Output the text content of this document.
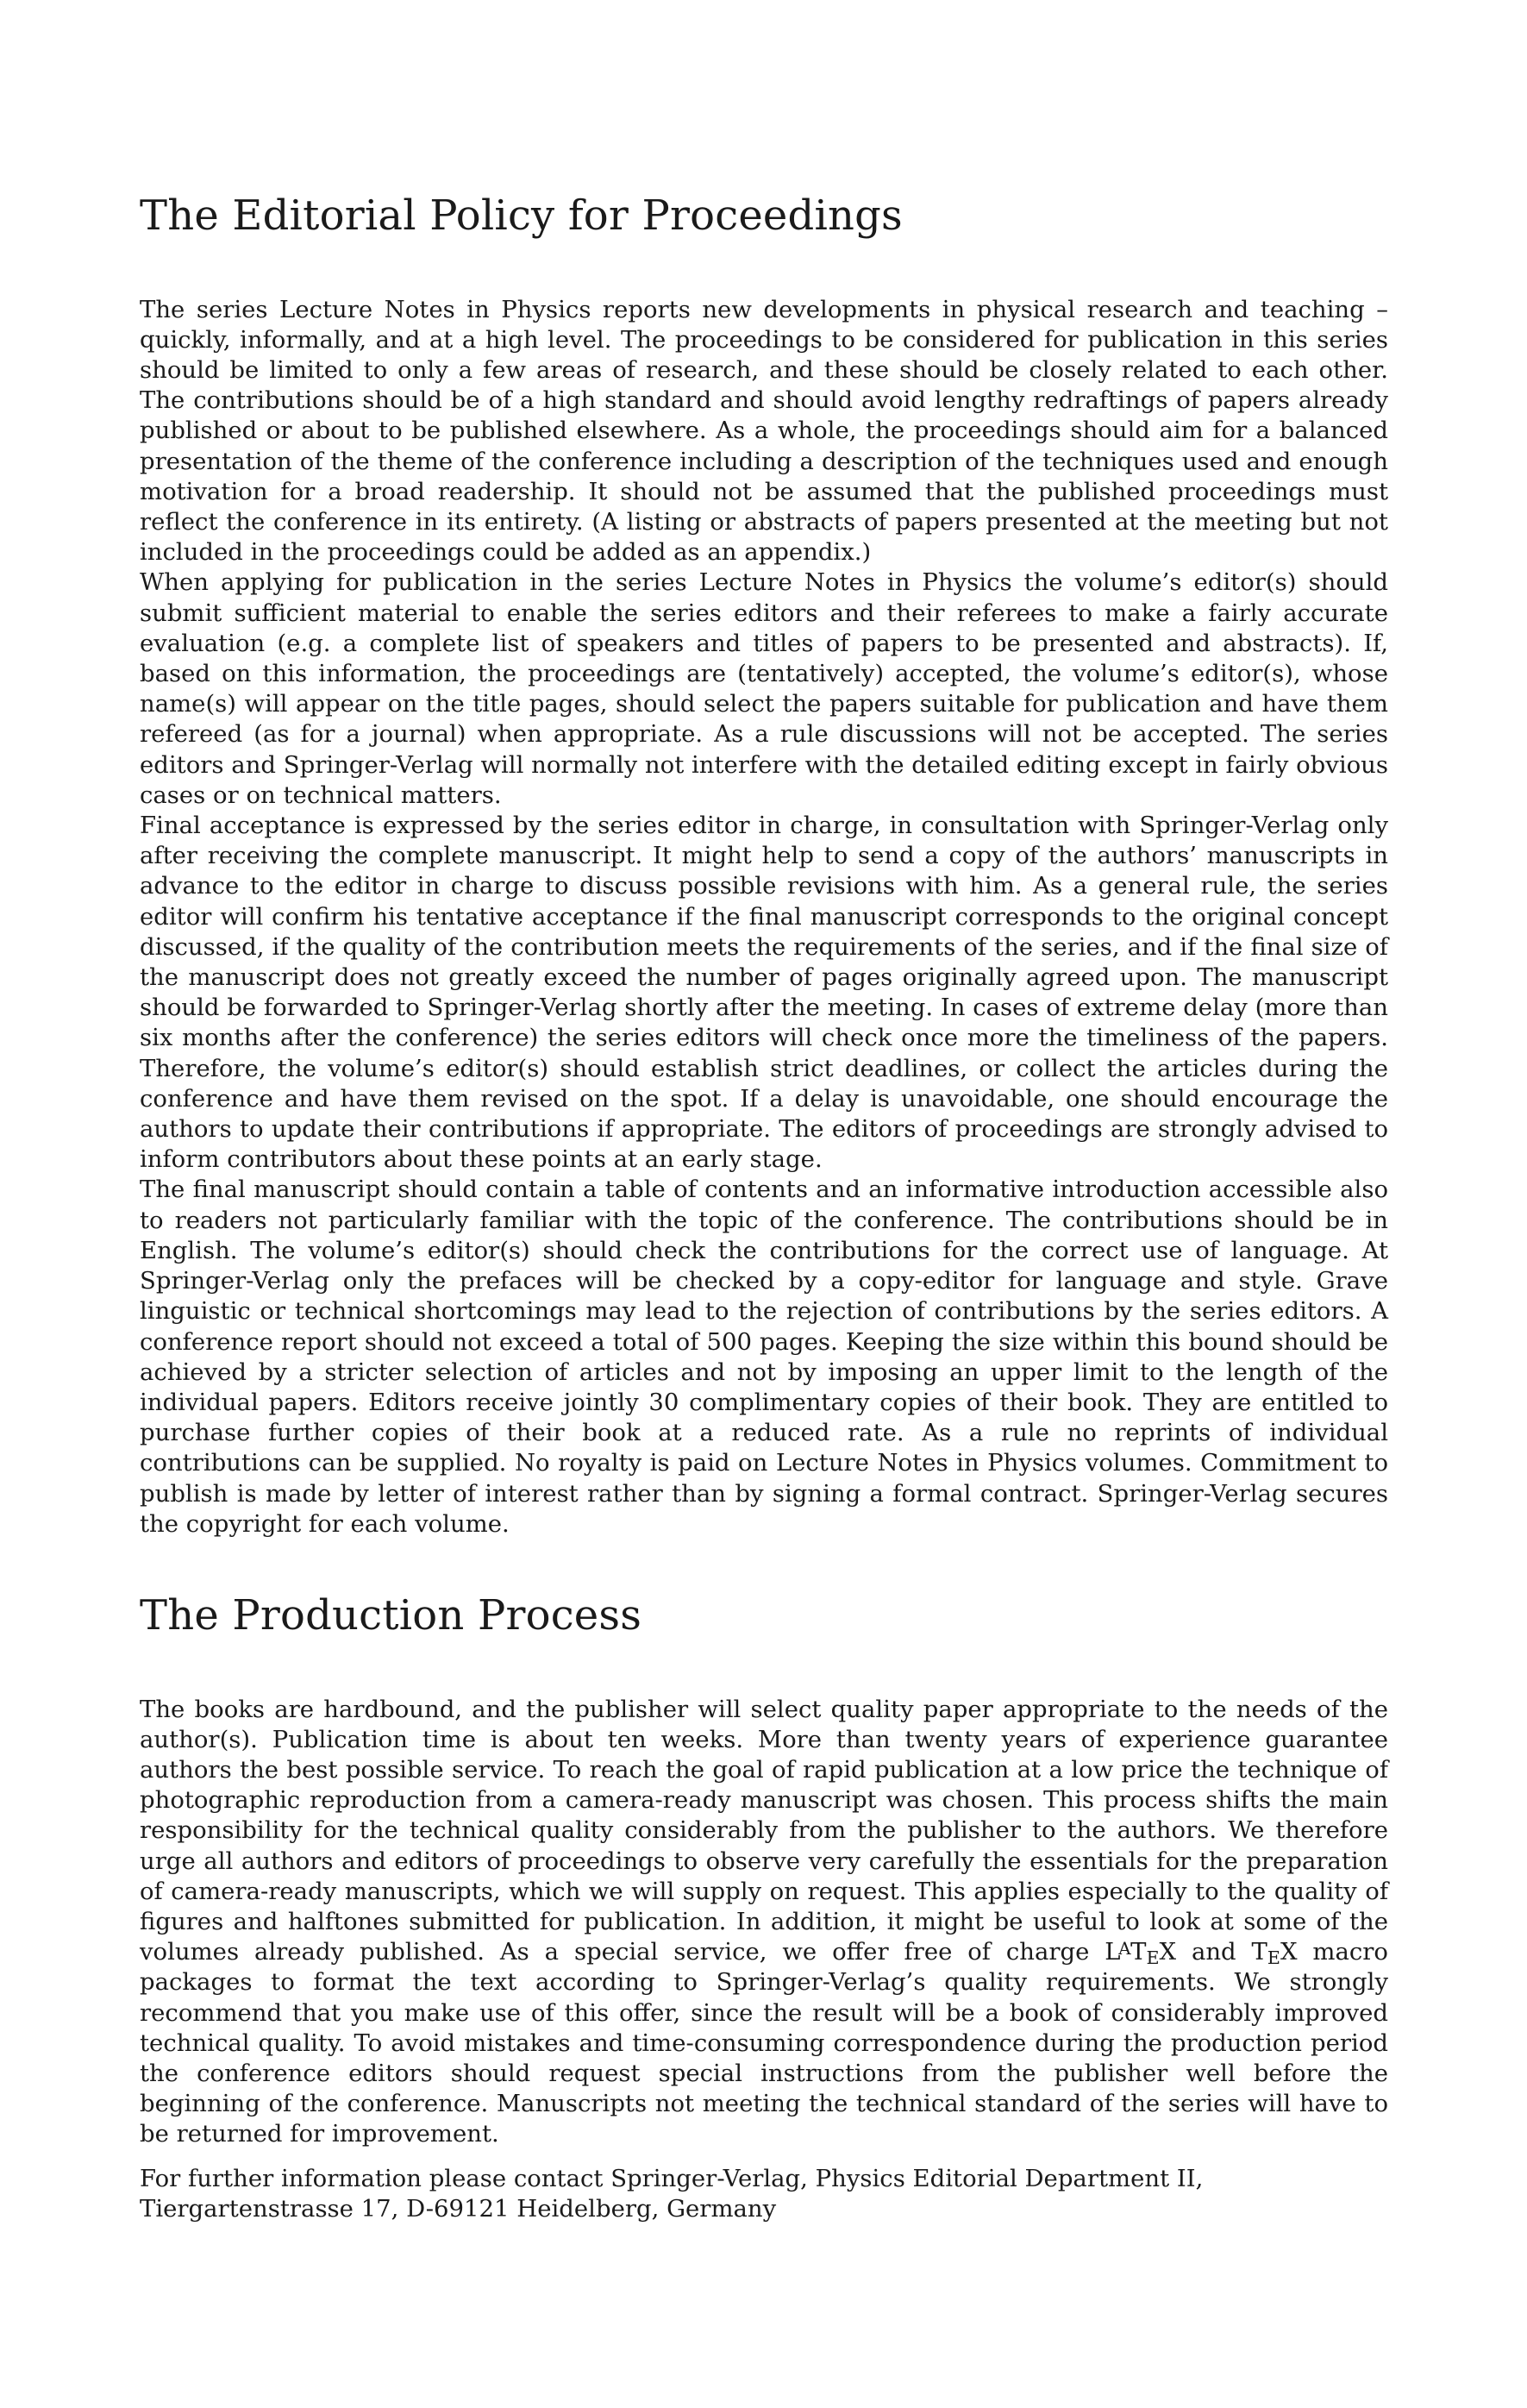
The Editorial Policy for Proceedings

The series Lecture Notes in Physics reports new developments in physical research and teaching – quickly, informally, and at a high level. The proceedings to be considered for publication in this series should be limited to only a few areas of research, and these should be closely related to each other. The contributions should be of a high standard and should avoid lengthy redraftings of papers already published or about to be published elsewhere. As a whole, the proceedings should aim for a balanced presentation of the theme of the conference including a description of the techniques used and enough motivation for a broad readership. It should not be assumed that the published proceedings must reflect the conference in its entirety. (A listing or abstracts of papers presented at the meeting but not included in the proceedings could be added as an appendix.)

When applying for publication in the series Lecture Notes in Physics the volume’s editor(s) should submit sufficient material to enable the series editors and their referees to make a fairly accurate evaluation (e.g. a complete list of speakers and titles of papers to be presented and abstracts). If, based on this information, the proceedings are (tentatively) accepted, the volume’s editor(s), whose name(s) will appear on the title pages, should select the papers suitable for publication and have them refereed (as for a journal) when appropriate. As a rule discussions will not be accepted. The series editors and Springer-Verlag will normally not interfere with the detailed editing except in fairly obvious cases or on technical matters.

Final acceptance is expressed by the series editor in charge, in consultation with Springer-Verlag only after receiving the complete manuscript. It might help to send a copy of the authors’ manuscripts in advance to the editor in charge to discuss possible revisions with him. As a general rule, the series editor will confirm his tentative acceptance if the final manuscript corresponds to the original concept discussed, if the quality of the contribution meets the requirements of the series, and if the final size of the manuscript does not greatly exceed the number of pages originally agreed upon. The manuscript should be forwarded to Springer-Verlag shortly after the meeting. In cases of extreme delay (more than six months after the conference) the series editors will check once more the timeliness of the papers. Therefore, the volume’s editor(s) should establish strict deadlines, or collect the articles during the conference and have them revised on the spot. If a delay is unavoidable, one should encourage the authors to update their contributions if appropriate. The editors of proceedings are strongly advised to inform contributors about these points at an early stage.

The final manuscript should contain a table of contents and an informative introduction accessible also to readers not particularly familiar with the topic of the conference. The contributions should be in English. The volume’s editor(s) should check the contributions for the correct use of language. At Springer-Verlag only the prefaces will be checked by a copy-editor for language and style. Grave linguistic or technical shortcomings may lead to the rejection of contributions by the series editors. A conference report should not exceed a total of 500 pages. Keeping the size within this bound should be achieved by a stricter selection of articles and not by imposing an upper limit to the length of the individual papers. Editors receive jointly 30 complimentary copies of their book. They are entitled to purchase further copies of their book at a reduced rate. As a rule no reprints of individual contributions can be supplied. No royalty is paid on Lecture Notes in Physics volumes. Commitment to publish is made by letter of interest rather than by signing a formal contract. Springer-Verlag secures the copyright for each volume.

The Production Process

The books are hardbound, and the publisher will select quality paper appropriate to the needs of the author(s). Publication time is about ten weeks. More than twenty years of experience guarantee authors the best possible service. To reach the goal of rapid publication at a low price the technique of photographic reproduction from a camera-ready manuscript was chosen. This process shifts the main responsibility for the technical quality considerably from the publisher to the authors. We therefore urge all authors and editors of proceedings to observe very carefully the essentials for the preparation of camera-ready manuscripts, which we will supply on request. This applies especially to the quality of figures and halftones submitted for publication. In addition, it might be useful to look at some of the volumes already published. As a special service, we offer free of charge $L^AT_EX$ and $T_EX$ macro packages to format the text according to Springer-Verlag’s quality requirements. We strongly recommend that you make use of this offer, since the result will be a book of considerably improved technical quality. To avoid mistakes and time-consuming correspondence during the production period the conference editors should request special instructions from the publisher well before the beginning of the conference. Manuscripts not meeting the technical standard of the series will have to be returned for improvement.

For further information please contact Springer-Verlag, Physics Editorial Department II, Tiergartenstrasse 17, D-69121 Heidelberg, Germany
